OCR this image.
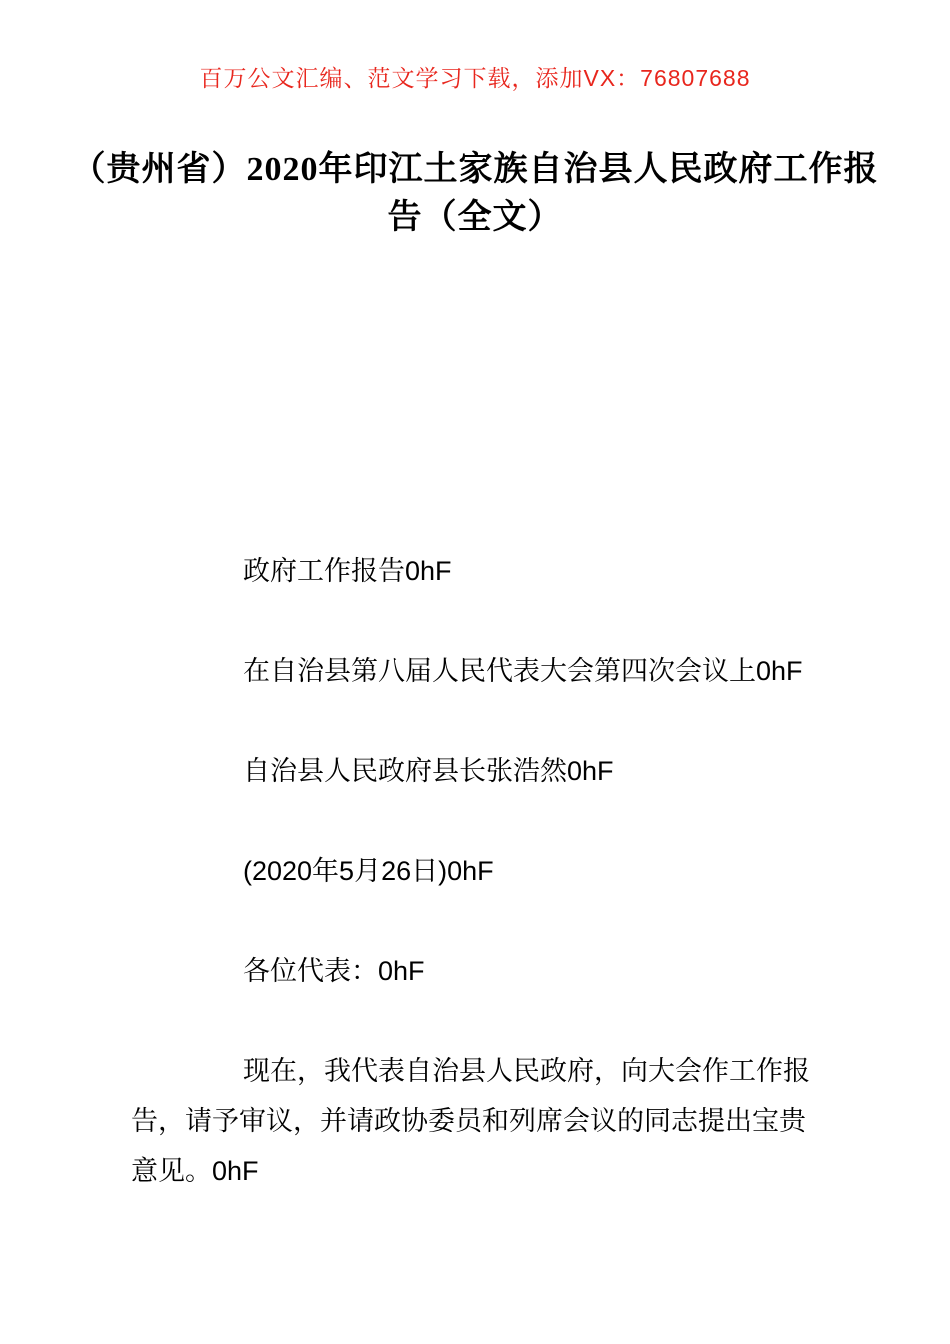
百万公文汇编、范文学习下载，添加VX：76807688
（贵州省）2020年印江土家族自治县人民政府工作报告（全文）

政府工作报告0hF

在自治县第八届人民代表大会第四次会议上0hF

自治县人民政府县长张浩然0hF

(2020年5月26日)0hF

各位代表：0hF

现在，我代表自治县人民政府，向大会作工作报告，请予审议，并请政协委员和列席会议的同志提出宝贵意见。0hF
